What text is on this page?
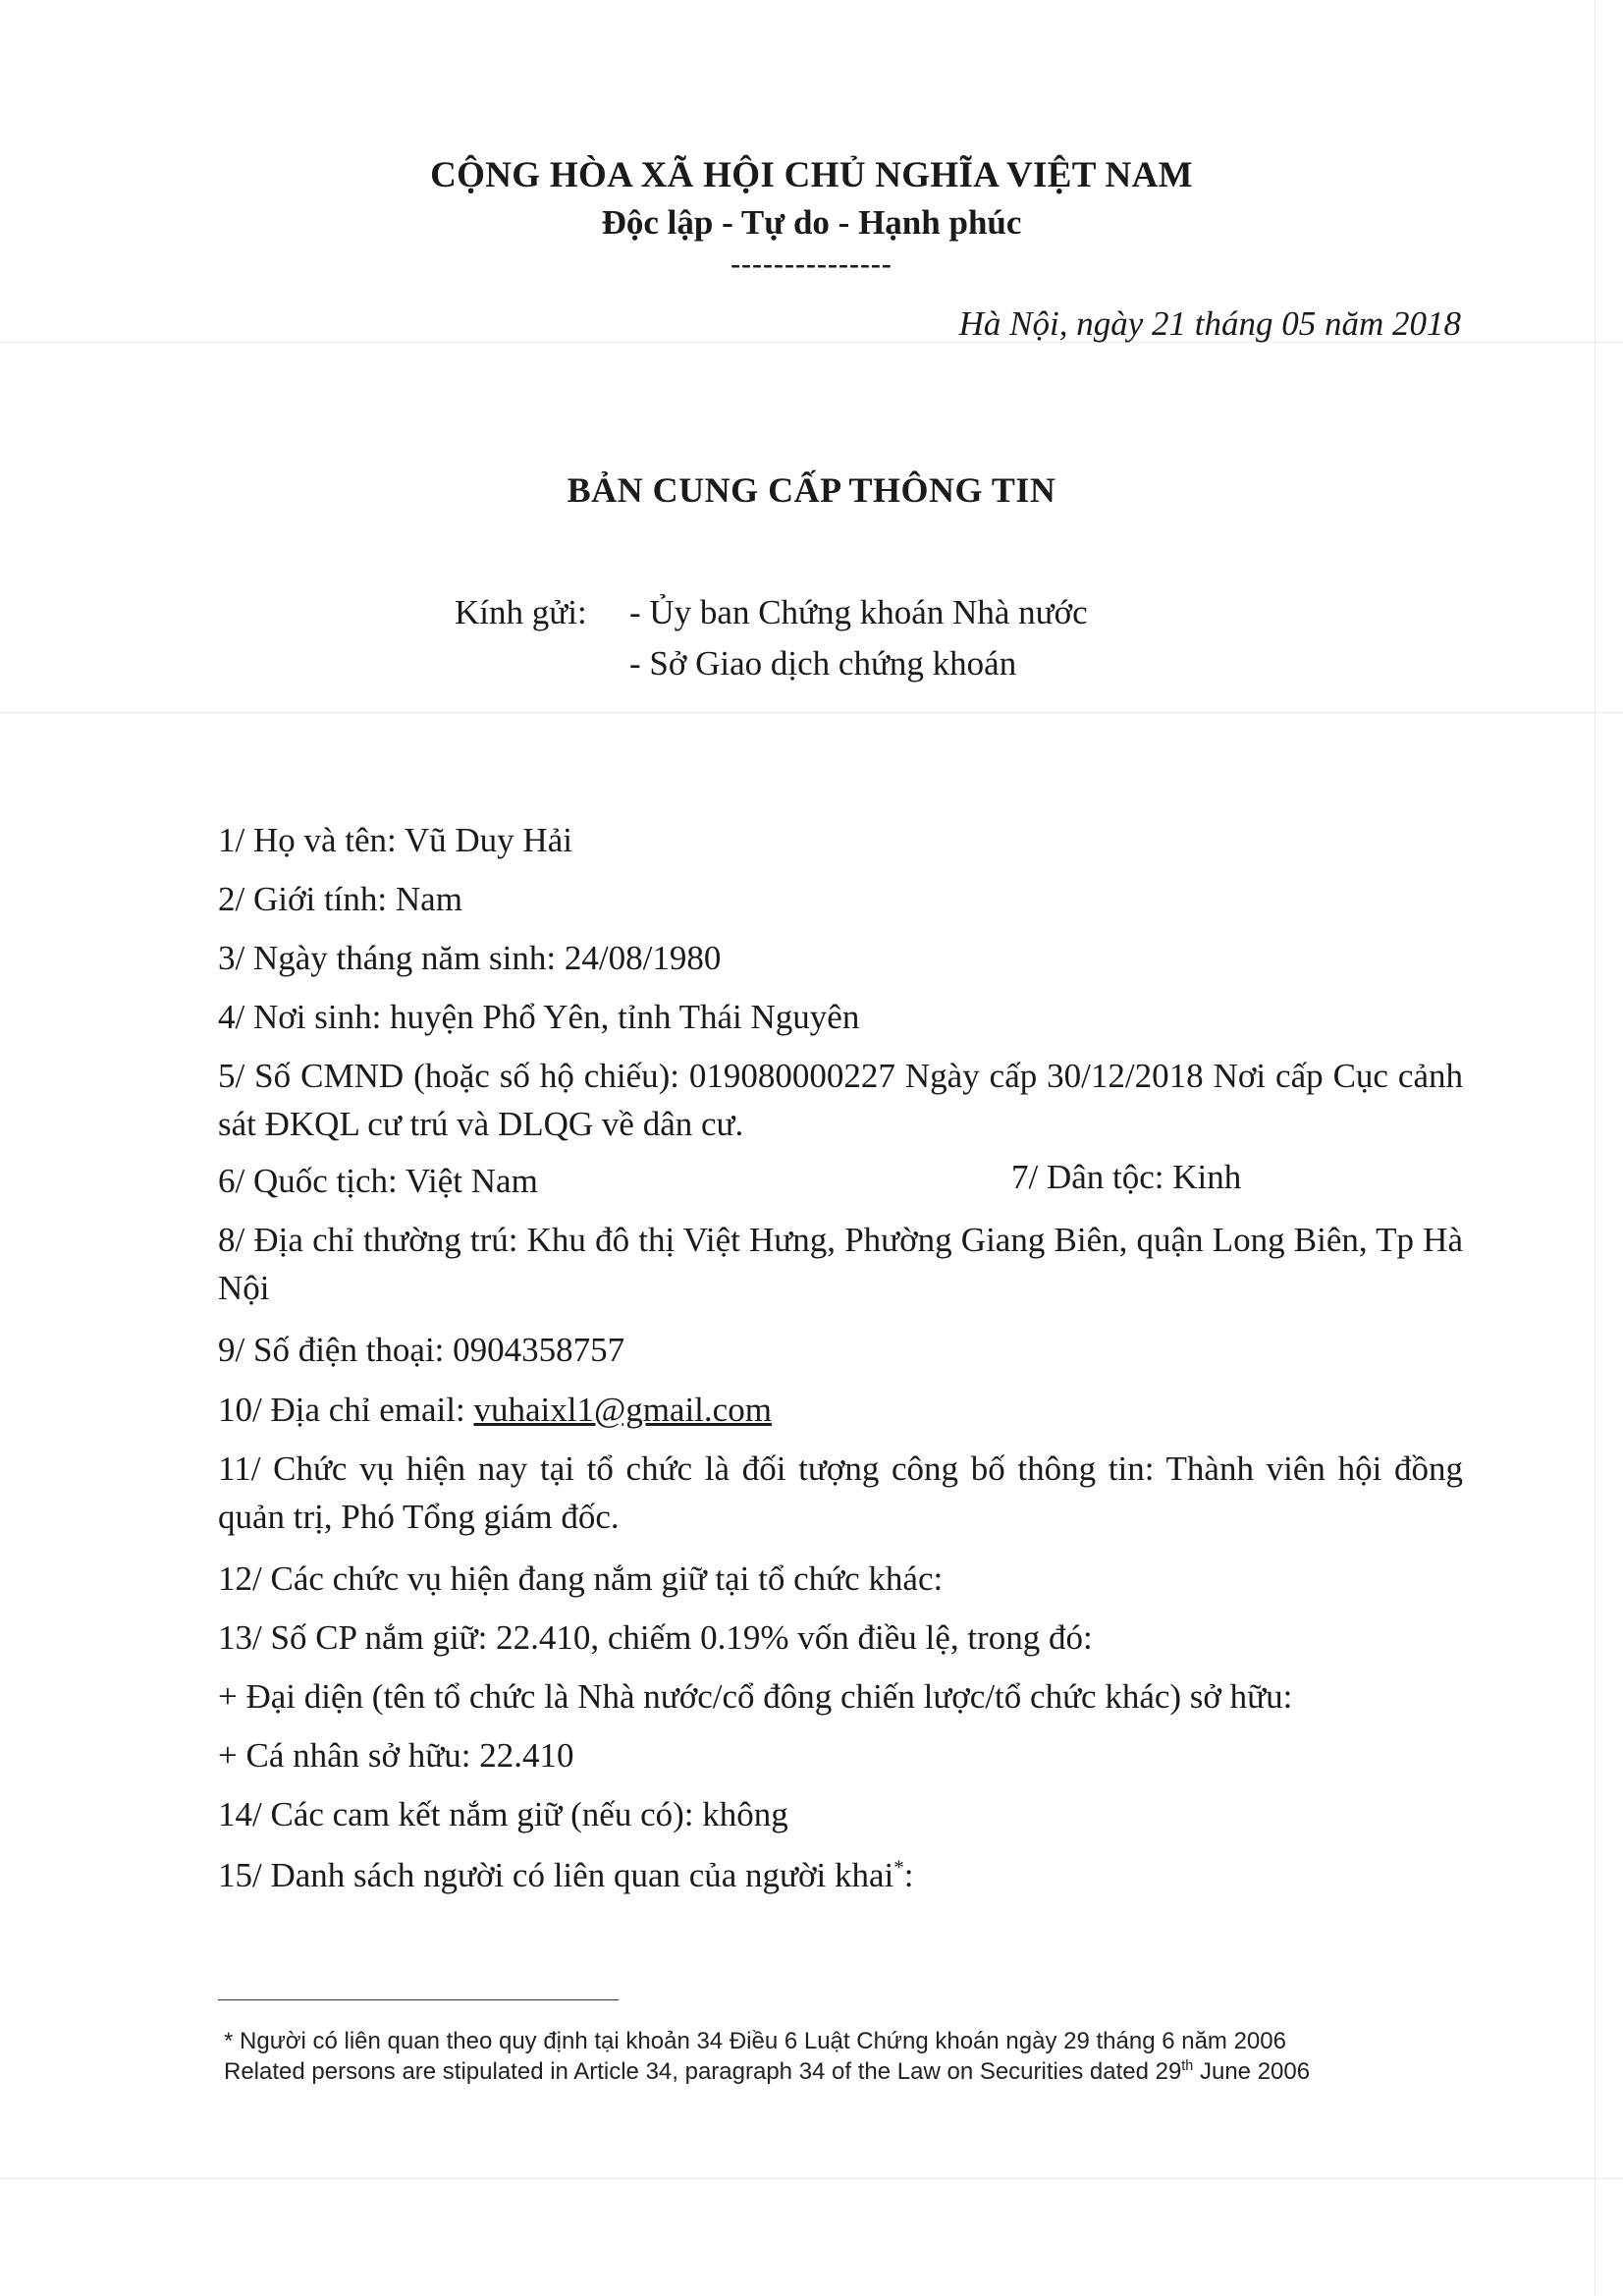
CỘNG HÒA XÃ HỘI CHỦ NGHĨA VIỆT NAM
Độc lập - Tự do - Hạnh phúc
---------------
Hà Nội, ngày 21 tháng 05 năm 2018
BẢN CUNG CẤP THÔNG TIN
Kính gửi: - Ủy ban Chứng khoán Nhà nước
- Sở Giao dịch chứng khoán
1/ Họ và tên: Vũ Duy Hải
2/ Giới tính: Nam
3/ Ngày tháng năm sinh: 24/08/1980
4/ Nơi sinh: huyện Phổ Yên, tỉnh Thái Nguyên
5/ Số CMND (hoặc số hộ chiếu): 019080000227 Ngày cấp 30/12/2018 Nơi cấp Cục cảnh sát ĐKQL cư trú và DLQG về dân cư.
6/ Quốc tịch: Việt Nam	7/ Dân tộc: Kinh
8/ Địa chỉ thường trú: Khu đô thị Việt Hưng, Phường Giang Biên, quận Long Biên, Tp Hà Nội
9/ Số điện thoại: 0904358757
10/ Địa chỉ email: vuhaixl1@gmail.com
11/ Chức vụ hiện nay tại tổ chức là đối tượng công bố thông tin: Thành viên hội đồng quản trị, Phó Tổng giám đốc.
12/ Các chức vụ hiện đang nắm giữ tại tổ chức khác:
13/ Số CP nắm giữ: 22.410, chiếm 0.19% vốn điều lệ, trong đó:
+ Đại diện (tên tổ chức là Nhà nước/cổ đông chiến lược/tổ chức khác) sở hữu:
+ Cá nhân sở hữu: 22.410
14/ Các cam kết nắm giữ (nếu có): không
15/ Danh sách người có liên quan của người khai*:
* Người có liên quan theo quy định tại khoản 34 Điều 6 Luật Chứng khoán ngày 29 tháng 6 năm 2006
Related persons are stipulated in Article 34, paragraph 34 of the Law on Securities dated 29th June 2006
